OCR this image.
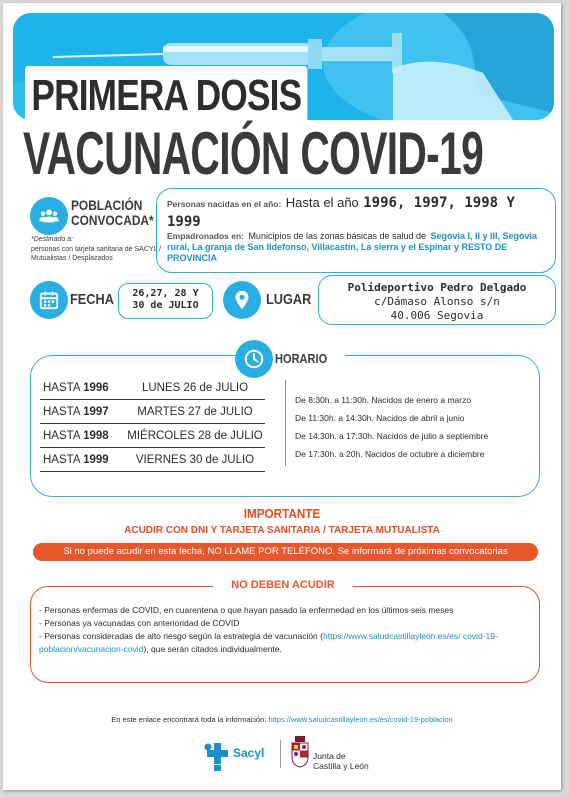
PRIMERA DOSIS
VACUNACIÓN COVID-19
POBLACIÓN
CONVOCADA*
*Destinado a:
personas con tarjeta sanitaria de SACYL / Mutualistas / Desplazados
Personas nacidas en el año: Hasta el año 1996, 1997, 1998 Y 1999
Empadronados en: Municipios de las zonas básicas de salud de Segovia I, II y III, Segovia rural, La granja de San Ildefonso, Villacastín, La sierra y el Espinar y RESTO DE PROVINCIA
FECHA	26,27, 28 Y
30 de JULIO	LUGAR
Polideportivo Pedro Delgado
c/Dámaso Alonso s/n
40.006 Segovia
HORARIO
HASTA 1996	LUNES 26 de JULIO
HASTA 1997	MARTES 27 de JULIO
HASTA 1998	MIÉRCOLES 28 de JULIO
HASTA 1999	VIERNES 30 de JULIO
De 8:30h. a 11:30h. Nacidos de enero a marzo
De 11:30h. a 14:30h. Nacidos de abril a junio
De 14:30h. a 17:30h. Nacidos de julio a septiembre
De 17:30h. a 20h. Nacidos de octubre a diciembre
IMPORTANTE
ACUDIR CON DNI Y TARJETA SANITARIA / TARJETA MUTUALISTA
Si no puede acudir en esta fecha, NO LLAME POR TELÉFONO. Se informará de próximas convocatorias
NO DEBEN ACUDIR
- Personas enfermas de COVID, en cuarentena o que hayan pasado la enfermedad en los últimos seis meses
- Personas ya vacunadas con anterioridad de COVID
- Personas consideradas de alto riesgo según la estrategia de vacunación (https://www.saludcastillayleon.es/es/ covid-19-poblacion/vacunacion-covid), que serán citados individualmente.
En este enlace encontrará toda la información: https://www.saludcastillayleon.es/es/covid-19-poblacion
Sacyl	Junta de
Castilla y León
